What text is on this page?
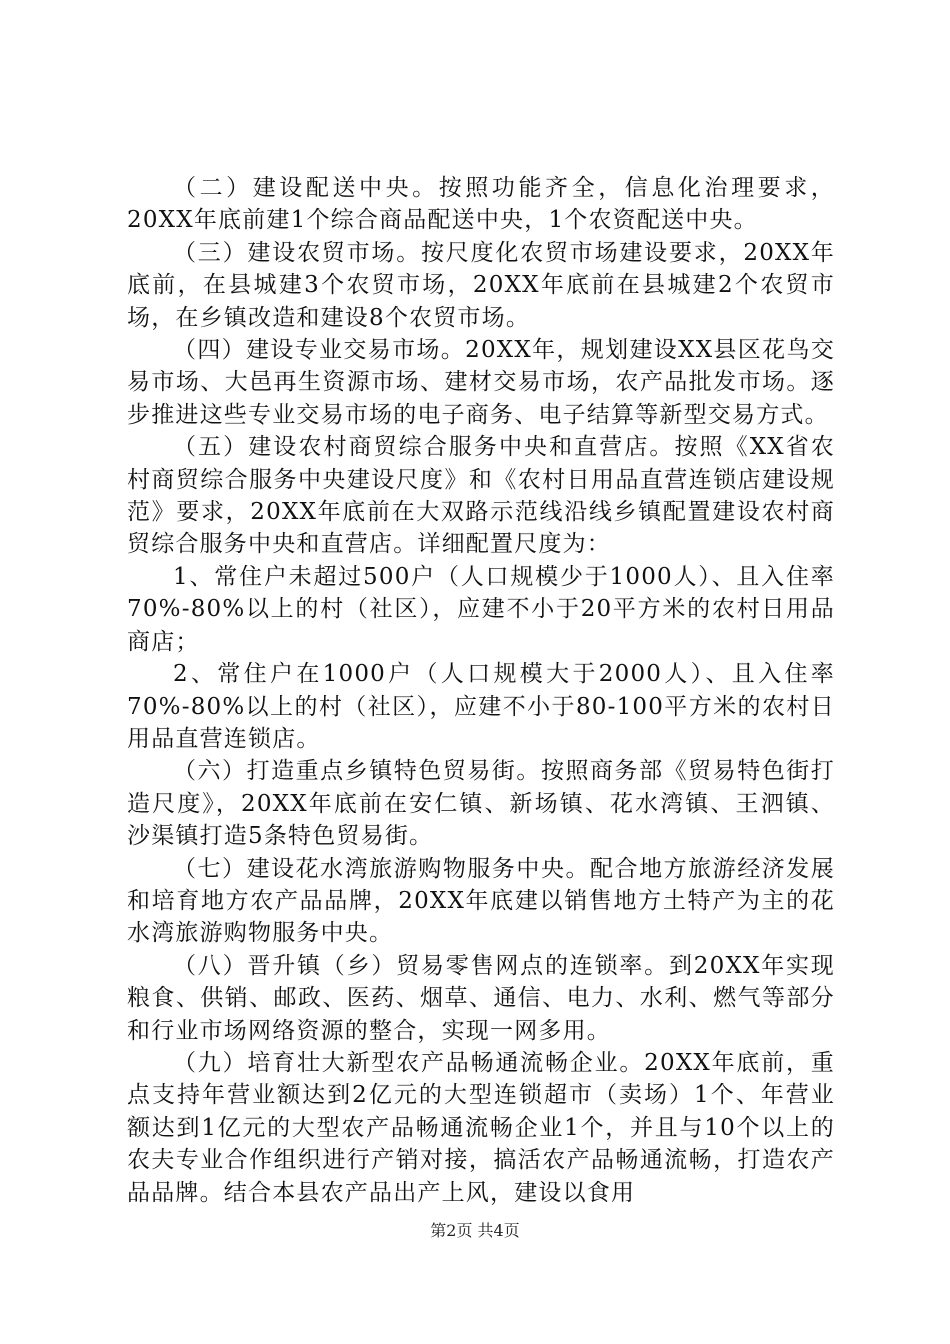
（二）建设配送中央。按照功能齐全，信息化治理要求，20XX年底前建1个综合商品配送中央，1个农资配送中央。

（三）建设农贸市场。按尺度化农贸市场建设要求，20XX年底前，在县城建3个农贸市场，20XX年底前在县城建2个农贸市场，在乡镇改造和建设8个农贸市场。

（四）建设专业交易市场。20XX年，规划建设XX县区花鸟交易市场、大邑再生资源市场、建材交易市场，农产品批发市场。逐步推进这些专业交易市场的电子商务、电子结算等新型交易方式。

（五）建设农村商贸综合服务中央和直营店。按照《XX省农村商贸综合服务中央建设尺度》和《农村日用品直营连锁店建设规范》要求，20XX年底前在大双路示范线沿线乡镇配置建设农村商贸综合服务中央和直营店。详细配置尺度为：

1、常住户未超过500户（人口规模少于1000人）、且入住率70%-80%以上的村（社区），应建不小于20平方米的农村日用品商店；

2、常住户在1000户（人口规模大于2000人）、且入住率70%-80%以上的村（社区），应建不小于80-100平方米的农村日用品直营连锁店。

（六）打造重点乡镇特色贸易街。按照商务部《贸易特色街打造尺度》，20XX年底前在安仁镇、新场镇、花水湾镇、王泗镇、沙渠镇打造5条特色贸易街。

（七）建设花水湾旅游购物服务中央。配合地方旅游经济发展和培育地方农产品品牌，20XX年底建以销售地方土特产为主的花水湾旅游购物服务中央。

（八）晋升镇（乡）贸易零售网点的连锁率。到20XX年实现粮食、供销、邮政、医药、烟草、通信、电力、水利、燃气等部分和行业市场网络资源的整合，实现一网多用。

（九）培育壮大新型农产品畅通流畅企业。20XX年底前，重点支持年营业额达到2亿元的大型连锁超市（卖场）1个、年营业额达到1亿元的大型农产品畅通流畅企业1个，并且与10个以上的农夫专业合作组织进行产销对接，搞活农产品畅通流畅，打造农产品品牌。结合本县农产品出产上风，建设以食用

第2页 共4页
